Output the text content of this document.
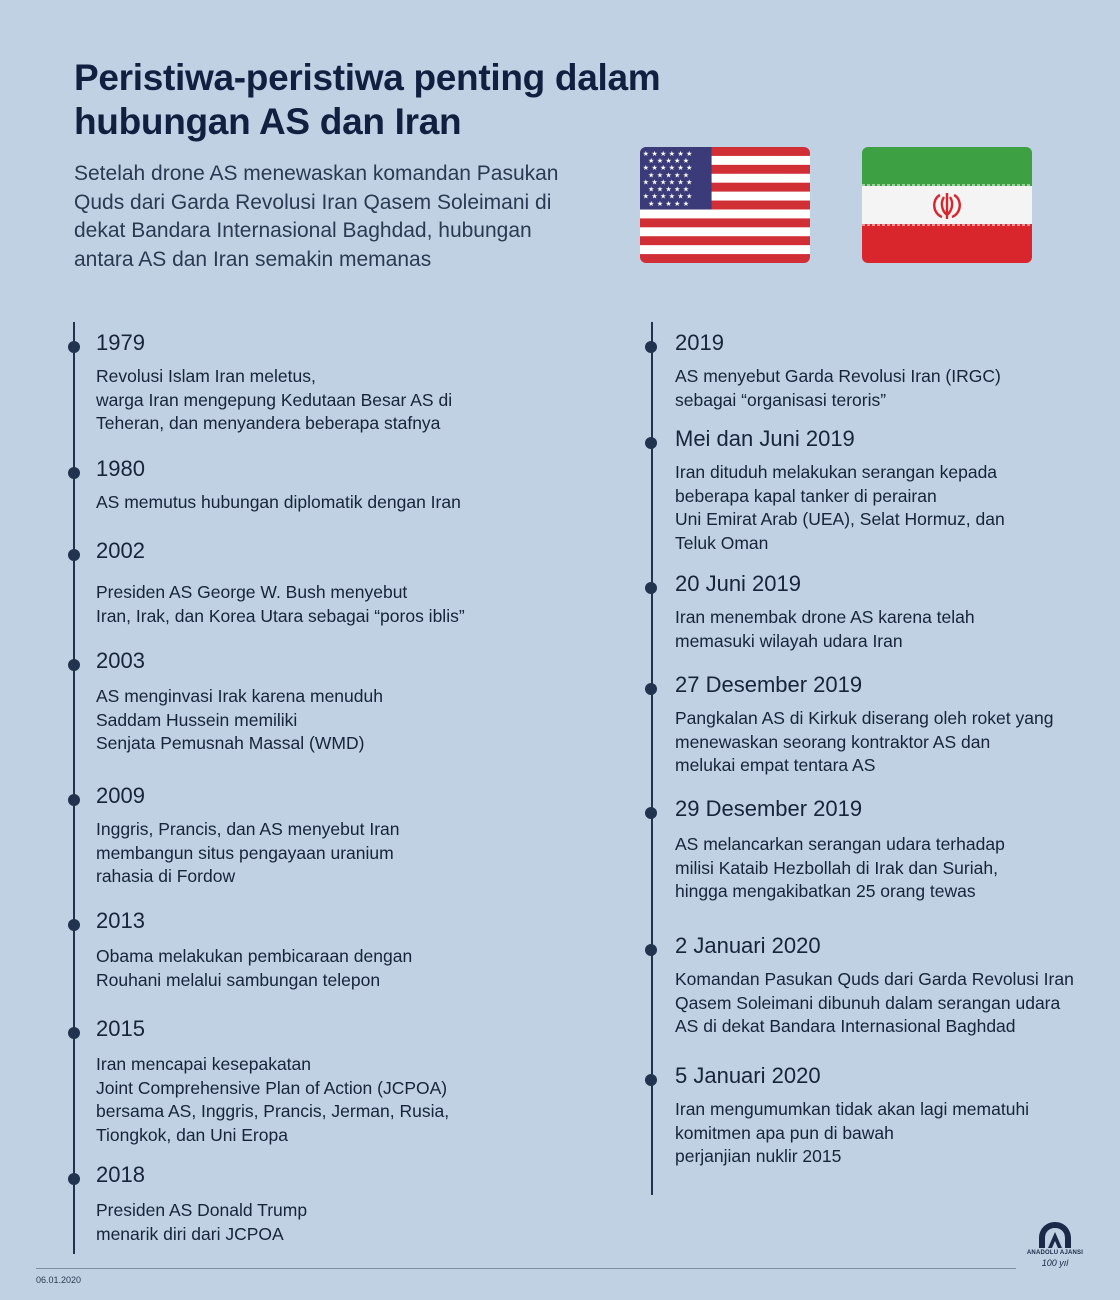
Peristiwa-peristiwa penting dalam
hubungan AS dan Iran
Setelah drone AS menewaskan komandan Pasukan Quds dari Garda Revolusi Iran Qasem Soleimani di dekat Bandara Internasional Baghdad, hubungan antara AS dan Iran semakin memanas
★ ★ ★ ★ ★ ★
★ ★ ★ ★ ★
★ ★ ★ ★ ★ ★
★ ★ ★ ★ ★
★ ★ ★ ★ ★ ★
★ ★ ★ ★ ★
★ ★ ★ ★ ★ ★
★ ★ ★ ★ ★
1979
Revolusi Islam Iran meletus,
warga Iran mengepung Kedutaan Besar AS di
Teheran, dan menyandera beberapa stafnya
1980
AS memutus hubungan diplomatik dengan Iran
2002
Presiden AS George W. Bush menyebut
Iran, Irak, dan Korea Utara sebagai “poros iblis”
2003
AS menginvasi Irak karena menuduh
Saddam Hussein memiliki
Senjata Pemusnah Massal (WMD)
2009
Inggris, Prancis, dan AS menyebut Iran
membangun situs pengayaan uranium
rahasia di Fordow
2013
Obama melakukan pembicaraan dengan
Rouhani melalui sambungan telepon
2015
Iran mencapai kesepakatan
Joint Comprehensive Plan of Action (JCPOA)
bersama AS, Inggris, Prancis, Jerman, Rusia,
Tiongkok, dan Uni Eropa
2018
Presiden AS Donald Trump
menarik diri dari JCPOA
2019
AS menyebut Garda Revolusi Iran (IRGC)
sebagai “organisasi teroris”
Mei dan Juni 2019
Iran dituduh melakukan serangan kepada
beberapa kapal tanker di perairan
Uni Emirat Arab (UEA), Selat Hormuz, dan
Teluk Oman
20 Juni 2019
Iran menembak drone AS karena telah
memasuki wilayah udara Iran
27 Desember 2019
Pangkalan AS di Kirkuk diserang oleh roket yang
menewaskan seorang kontraktor AS dan
melukai empat tentara AS
29 Desember 2019
AS melancarkan serangan udara terhadap
milisi Kataib Hezbollah di Irak dan Suriah,
hingga mengakibatkan 25 orang tewas
2 Januari 2020
Komandan Pasukan Quds dari Garda Revolusi Iran
Qasem Soleimani dibunuh dalam serangan udara
AS di dekat Bandara Internasional Baghdad
5 Januari 2020
Iran mengumumkan tidak akan lagi mematuhi
komitmen apa pun di bawah
perjanjian nuklir 2015
06.01.2020
ANADOLU AJANSI
100 yıl
